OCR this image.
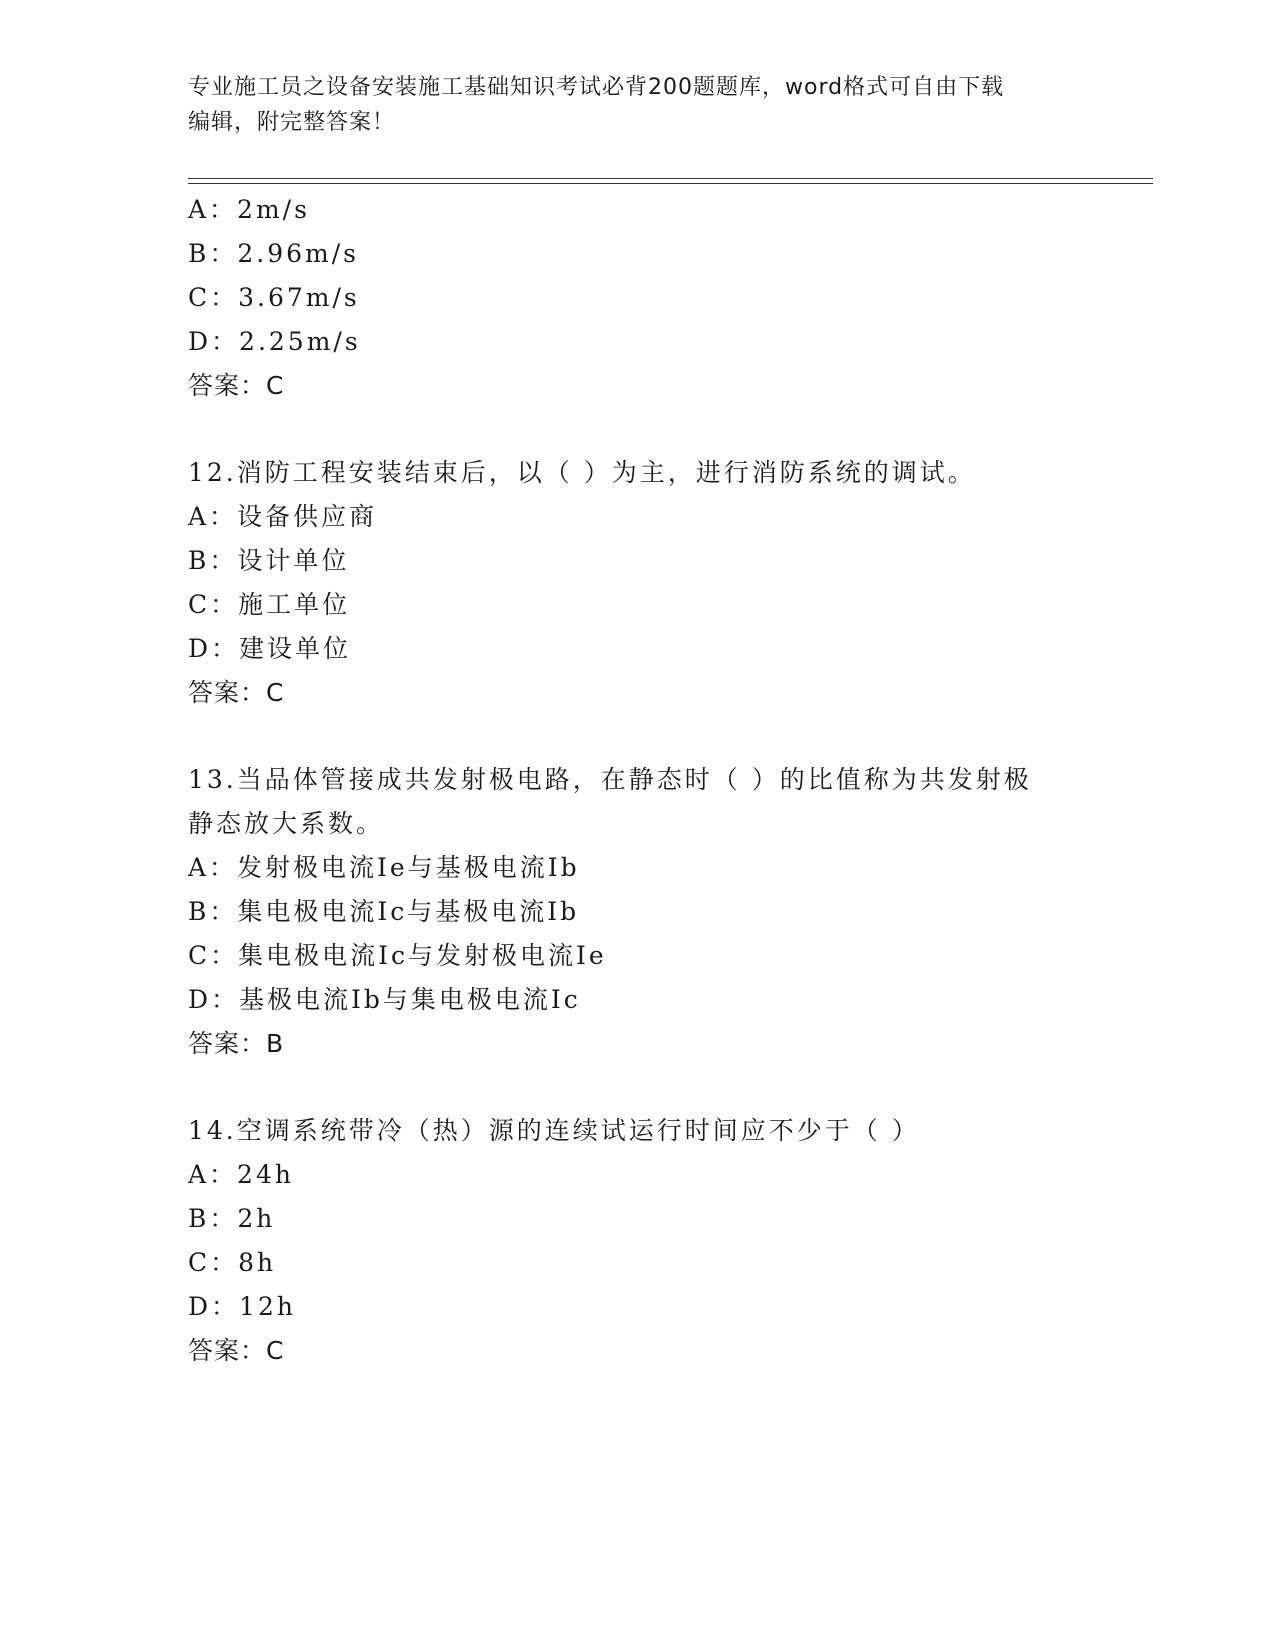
专业施工员之设备安装施工基础知识考试必背200题题库，word格式可自由下载
编辑，附完整答案！
A：2m/s
B：2.96m/s
C：3.67m/s
D：2.25m/s
答案：C
12.消防工程安装结束后，以（ ）为主，进行消防系统的调试。
A：设备供应商
B：设计单位
C：施工单位
D：建设单位
答案：C
13.当品体管接成共发射极电路，在静态时（ ）的比值称为共发射极
静态放大系数。
A：发射极电流Ie与基极电流Ib
B：集电极电流Ic与基极电流Ib
C：集电极电流Ic与发射极电流Ie
D：基极电流Ib与集电极电流Ic
答案：B
14.空调系统带冷（热）源的连续试运行时间应不少于（ ）
A：24h
B：2h
C：8h
D：12h
答案：C
